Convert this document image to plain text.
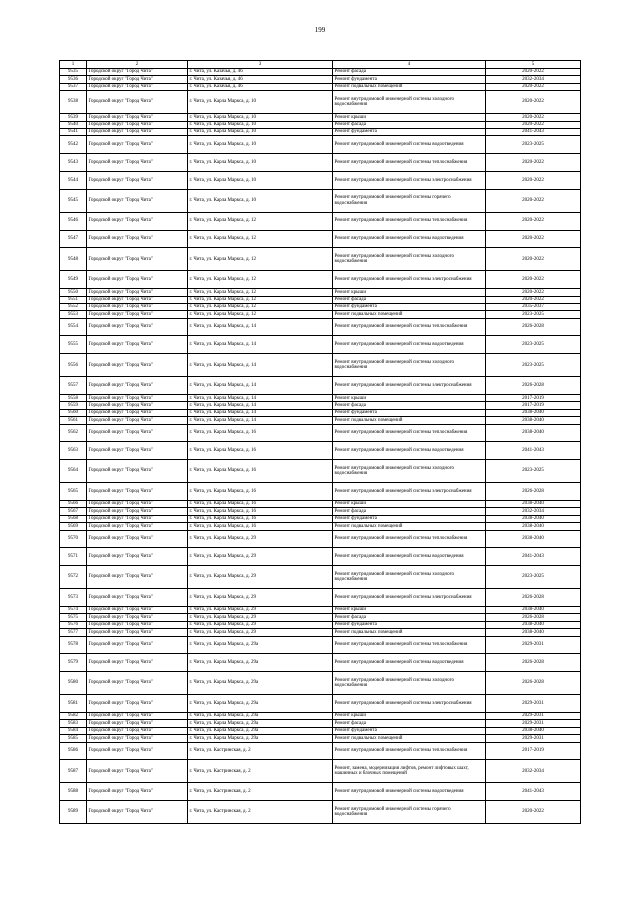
199
1	2	3	4	5
9535	Городской округ "Город Чита"	г. Чита, ул. Казачья, д. 46	Ремонт фасада	2020-2022
9536	Городской округ "Город Чита"	г. Чита, ул. Казачья, д. 46	Ремонт фундамента	2032-2034
9537	Городской округ "Город Чита"	г. Чита, ул. Казачья, д. 46	Ремонт подвальных помещений	2020-2022
9538	Городской округ "Город Чита"	г. Чита, ул. Карла Маркса, д. 10	Ремонт внутридомовой инженерной системы холодного водоснабжения	2020-2022
9539	Городской округ "Город Чита"	г. Чита, ул. Карла Маркса, д. 10	Ремонт крыши	2020-2022
9540	Городской округ "Город Чита"	г. Чита, ул. Карла Маркса, д. 10	Ремонт фасада	2020-2022
9541	Городской округ "Город Чита"	г. Чита, ул. Карла Маркса, д. 10	Ремонт фундамента	2041-2043
9542	Городской округ "Город Чита"	г. Чита, ул. Карла Маркса, д. 10	Ремонт внутридомовой инженерной системы водоотведения	2023-2025
9543	Городской округ "Город Чита"	г. Чита, ул. Карла Маркса, д. 10	Ремонт внутридомовой инженерной системы теплоснабжения	2020-2022
9544	Городской округ "Город Чита"	г. Чита, ул. Карла Маркса, д. 10	Ремонт внутридомовой инженерной системы электроснабжения	2020-2022
9545	Городской округ "Город Чита"	г. Чита, ул. Карла Маркса, д. 10	Ремонт внутридомовой инженерной системы горячего водоснабжения	2020-2022
9546	Городской округ "Город Чита"	г. Чита, ул. Карла Маркса, д. 12	Ремонт внутридомовой инженерной системы теплоснабжения	2020-2022
9547	Городской округ "Город Чита"	г. Чита, ул. Карла Маркса, д. 12	Ремонт внутридомовой инженерной системы водоотведения	2020-2022
9548	Городской округ "Город Чита"	г. Чита, ул. Карла Маркса, д. 12	Ремонт внутридомовой инженерной системы холодного водоснабжения	2020-2022
9549	Городской округ "Город Чита"	г. Чита, ул. Карла Маркса, д. 12	Ремонт внутридомовой инженерной системы электроснабжения	2020-2022
9550	Городской округ "Город Чита"	г. Чита, ул. Карла Маркса, д. 12	Ремонт крыши	2020-2022
9551	Городской округ "Город Чита"	г. Чита, ул. Карла Маркса, д. 12	Ремонт фасада	2020-2022
9552	Городской округ "Город Чита"	г. Чита, ул. Карла Маркса, д. 12	Ремонт фундамента	2035-2037
9553	Городской округ "Город Чита"	г. Чита, ул. Карла Маркса, д. 12	Ремонт подвальных помещений	2023-2025
9554	Городской округ "Город Чита"	г. Чита, ул. Карла Маркса, д. 14	Ремонт внутридомовой инженерной системы теплоснабжения	2026-2028
9555	Городской округ "Город Чита"	г. Чита, ул. Карла Маркса, д. 14	Ремонт внутридомовой инженерной системы водоотведения	2023-2025
9556	Городской округ "Город Чита"	г. Чита, ул. Карла Маркса, д. 14	Ремонт внутридомовой инженерной системы холодного водоснабжения	2023-2025
9557	Городской округ "Город Чита"	г. Чита, ул. Карла Маркса, д. 14	Ремонт внутридомовой инженерной системы электроснабжения	2026-2028
9558	Городской округ "Город Чита"	г. Чита, ул. Карла Маркса, д. 14	Ремонт крыши	2017-2019
9559	Городской округ "Город Чита"	г. Чита, ул. Карла Маркса, д. 14	Ремонт фасада	2017-2019
9560	Городской округ "Город Чита"	г. Чита, ул. Карла Маркса, д. 14	Ремонт фундамента	2038-2040
9561	Городской округ "Город Чита"	г. Чита, ул. Карла Маркса, д. 14	Ремонт подвальных помещений	2038-2040
9562	Городской округ "Город Чита"	г. Чита, ул. Карла Маркса, д. 16	Ремонт внутридомовой инженерной системы теплоснабжения	2038-2040
9563	Городской округ "Город Чита"	г. Чита, ул. Карла Маркса, д. 16	Ремонт внутридомовой инженерной системы водоотведения	2041-2043
9564	Городской округ "Город Чита"	г. Чита, ул. Карла Маркса, д. 16	Ремонт внутридомовой инженерной системы холодного водоснабжения	2023-2025
9565	Городской округ "Город Чита"	г. Чита, ул. Карла Маркса, д. 16	Ремонт внутридомовой инженерной системы электроснабжения	2026-2028
9566	Городской округ "Город Чита"	г. Чита, ул. Карла Маркса, д. 16	Ремонт крыши	2038-2040
9567	Городской округ "Город Чита"	г. Чита, ул. Карла Маркса, д. 16	Ремонт фасада	2032-2034
9568	Городской округ "Город Чита"	г. Чита, ул. Карла Маркса, д. 16	Ремонт фундамента	2038-2040
9569	Городской округ "Город Чита"	г. Чита, ул. Карла Маркса, д. 16	Ремонт подвальных помещений	2038-2040
9570	Городской округ "Город Чита"	г. Чита, ул. Карла Маркса, д. 29	Ремонт внутридомовой инженерной системы теплоснабжения	2038-2040
9571	Городской округ "Город Чита"	г. Чита, ул. Карла Маркса, д. 29	Ремонт внутридомовой инженерной системы водоотведения	2041-2043
9572	Городской округ "Город Чита"	г. Чита, ул. Карла Маркса, д. 29	Ремонт внутридомовой инженерной системы холодного водоснабжения	2023-2025
9573	Городской округ "Город Чита"	г. Чита, ул. Карла Маркса, д. 29	Ремонт внутридомовой инженерной системы электроснабжения	2026-2028
9574	Городской округ "Город Чита"	г. Чита, ул. Карла Маркса, д. 29	Ремонт крыши	2038-2040
9575	Городской округ "Город Чита"	г. Чита, ул. Карла Маркса, д. 29	Ремонт фасада	2026-2028
9576	Городской округ "Город Чита"	г. Чита, ул. Карла Маркса, д. 29	Ремонт фундамента	2038-2040
9577	Городской округ "Город Чита"	г. Чита, ул. Карла Маркса, д. 29	Ремонт подвальных помещений	2038-2040
9578	Городской округ "Город Чита"	г. Чита, ул. Карла Маркса, д. 29а	Ремонт внутридомовой инженерной системы теплоснабжения	2029-2031
9579	Городской округ "Город Чита"	г. Чита, ул. Карла Маркса, д. 29а	Ремонт внутридомовой инженерной системы водоотведения	2026-2028
9580	Городской округ "Город Чита"	г. Чита, ул. Карла Маркса, д. 29а	Ремонт внутридомовой инженерной системы холодного водоснабжения	2026-2028
9581	Городской округ "Город Чита"	г. Чита, ул. Карла Маркса, д. 29а	Ремонт внутридомовой инженерной системы электроснабжения	2029-2031
9582	Городской округ "Город Чита"	г. Чита, ул. Карла Маркса, д. 29а	Ремонт крыши	2029-2031
9583	Городской округ "Город Чита"	г. Чита, ул. Карла Маркса, д. 29а	Ремонт фасада	2029-2031
9584	Городской округ "Город Чита"	г. Чита, ул. Карла Маркса, д. 29а	Ремонт фундамента	2038-2040
9585	Городской округ "Город Чита"	г. Чита, ул. Карла Маркса, д. 29а	Ремонт подвальных помещений	2029-2031
9586	Городской округ "Город Чита"	г. Чита, ул. Кастринская, д. 2	Ремонт внутридомовой инженерной системы теплоснабжения	2017-2019
9587	Городской округ "Город Чита"	г. Чита, ул. Кастринская, д. 2	Ремонт, замена, модернизация лифтов, ремонт лифтовых шахт, машинных и блочных помещений	2032-2034
9588	Городской округ "Город Чита"	г. Чита, ул. Кастринская, д. 2	Ремонт внутридомовой инженерной системы водоотведения	2041-2043
9589	Городской округ "Город Чита"	г. Чита, ул. Кастринская, д. 2	Ремонт внутридомовой инженерной системы горячего водоснабжения	2020-2022
